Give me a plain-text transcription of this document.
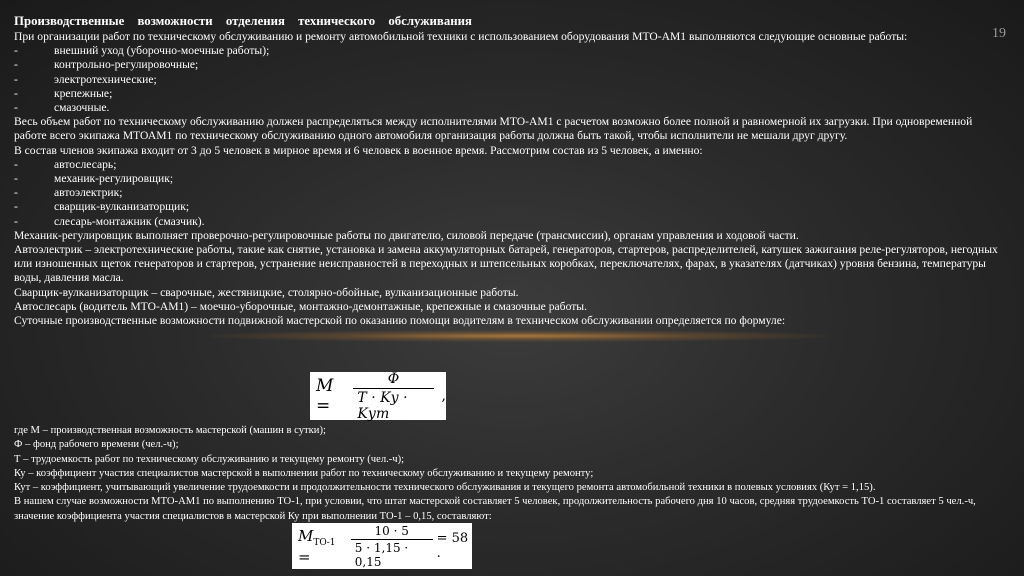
19
Производственные возможности отделения технического обслуживания
При организации работ по техническому обслуживанию и ремонту автомобильной техники с использованием оборудования МТО-АМ1 выполняются следующие основные работы:
-	внешний уход (уборочно-моечные работы);
-	контрольно-регулировочные;
-	электротехнические;
-	крепежные;
-	смазочные.
Весь объем работ по техническому обслуживанию должен распределяться между исполнителями МТО-АМ1 с расчетом возможно более полной и равномерной их загрузки. При одновременной работе всего экипажа МТОАМ1 по техническому обслуживанию одного автомобиля организация работы должна быть такой, чтобы исполнители не мешали друг другу.
В состав членов экипажа входит от 3 до 5 человек в мирное время и 6 человек в военное время. Рассмотрим состав из 5 человек, а именно:
-	автослесарь;
-	механик-регулировщик;
-	автоэлектрик;
-	сварщик-вулканизаторщик;
-	слесарь-монтажник (смазчик).
Механик-регулировщик выполняет проверочно-регулировочные работы по двигателю, силовой передаче (трансмиссии), органам управления и ходовой части.
Автоэлектрик – электротехнические работы, такие как снятие, установка и замена аккумуляторных батарей, генераторов, стартеров, распределителей, катушек зажигания реле-регуляторов, негодных или изношенных щеток генераторов и стартеров, устранение неисправностей в переходных и штепсельных коробках, переключателях, фарах, в указателях (датчиках) уровня бензина, температуры воды, давления масла.
Сварщик-вулканизаторщик – сварочные, жестяницкие, столярно-обойные, вулканизационные работы.
Автослесарь (водитель МТО-АМ1) – моечно-уборочные, монтажно-демонтажные, крепежные и смазочные работы.
Суточные производственные возможности подвижной мастерской по оказанию помощи водителям в техническом обслуживании определяется по формуле:
M =	$\frac{\Phi}{\text{T · Kу · Kут}}$ ,
где М – производственная возможность мастерской (машин в сутки);
Ф – фонд рабочего времени (чел.-ч);
Т – трудоемкость работ по техническому обслуживанию и текущему ремонту (чел.-ч);
Ку – коэффициент участия специалистов мастерской в выполнении работ по техническому обслуживанию и текущему ремонту;
Кут – коэффициент, учитывающий увеличение трудоемкости и продолжительности технического обслуживания и текущего ремонта автомобильной техники в полевых условиях (Кут = 1,15).
В нашем случае возможности МТО-АМ1 по выполнению ТО-1, при условии, что штат мастерской составляет 5 человек, продолжительность рабочего дня 10 часов, средняя трудоемкость ТО-1 составляет 5 чел.-ч, значение коэффициента участия специалистов в мастерской Ку при выполнении ТО-1 – 0,15, составляют:
$M_{ТО-1}$ =	$\frac{10 \cdot 5}{5 \cdot 1,15 \cdot 0,15} = 58$ .
